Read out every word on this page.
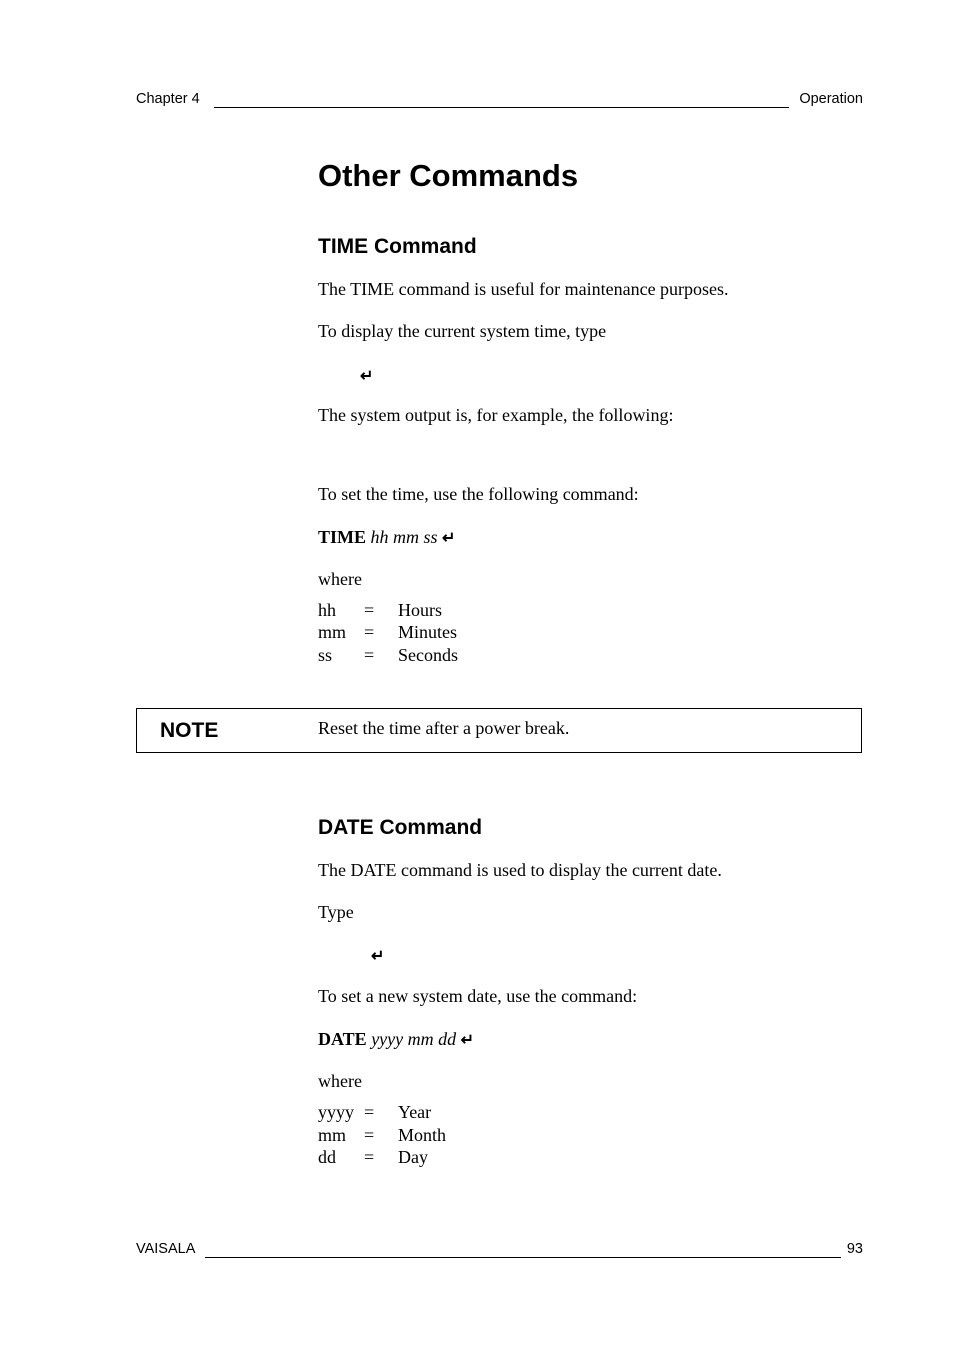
Chapter 4	Operation
Other Commands
TIME Command
The TIME command is useful for maintenance purposes.
To display the current system time, type
↵
The system output is, for example, the following:
To set the time, use the following command:
TIME hh mm ss ↵
where
hh = Hours
mm = Minutes
ss = Seconds
NOTE	Reset the time after a power break.
DATE Command
The DATE command is used to display the current date.
Type
↵
To set a new system date, use the command:
DATE yyyy mm dd ↵
where
yyyy = Year
mm = Month
dd = Day
VAISALA	93
